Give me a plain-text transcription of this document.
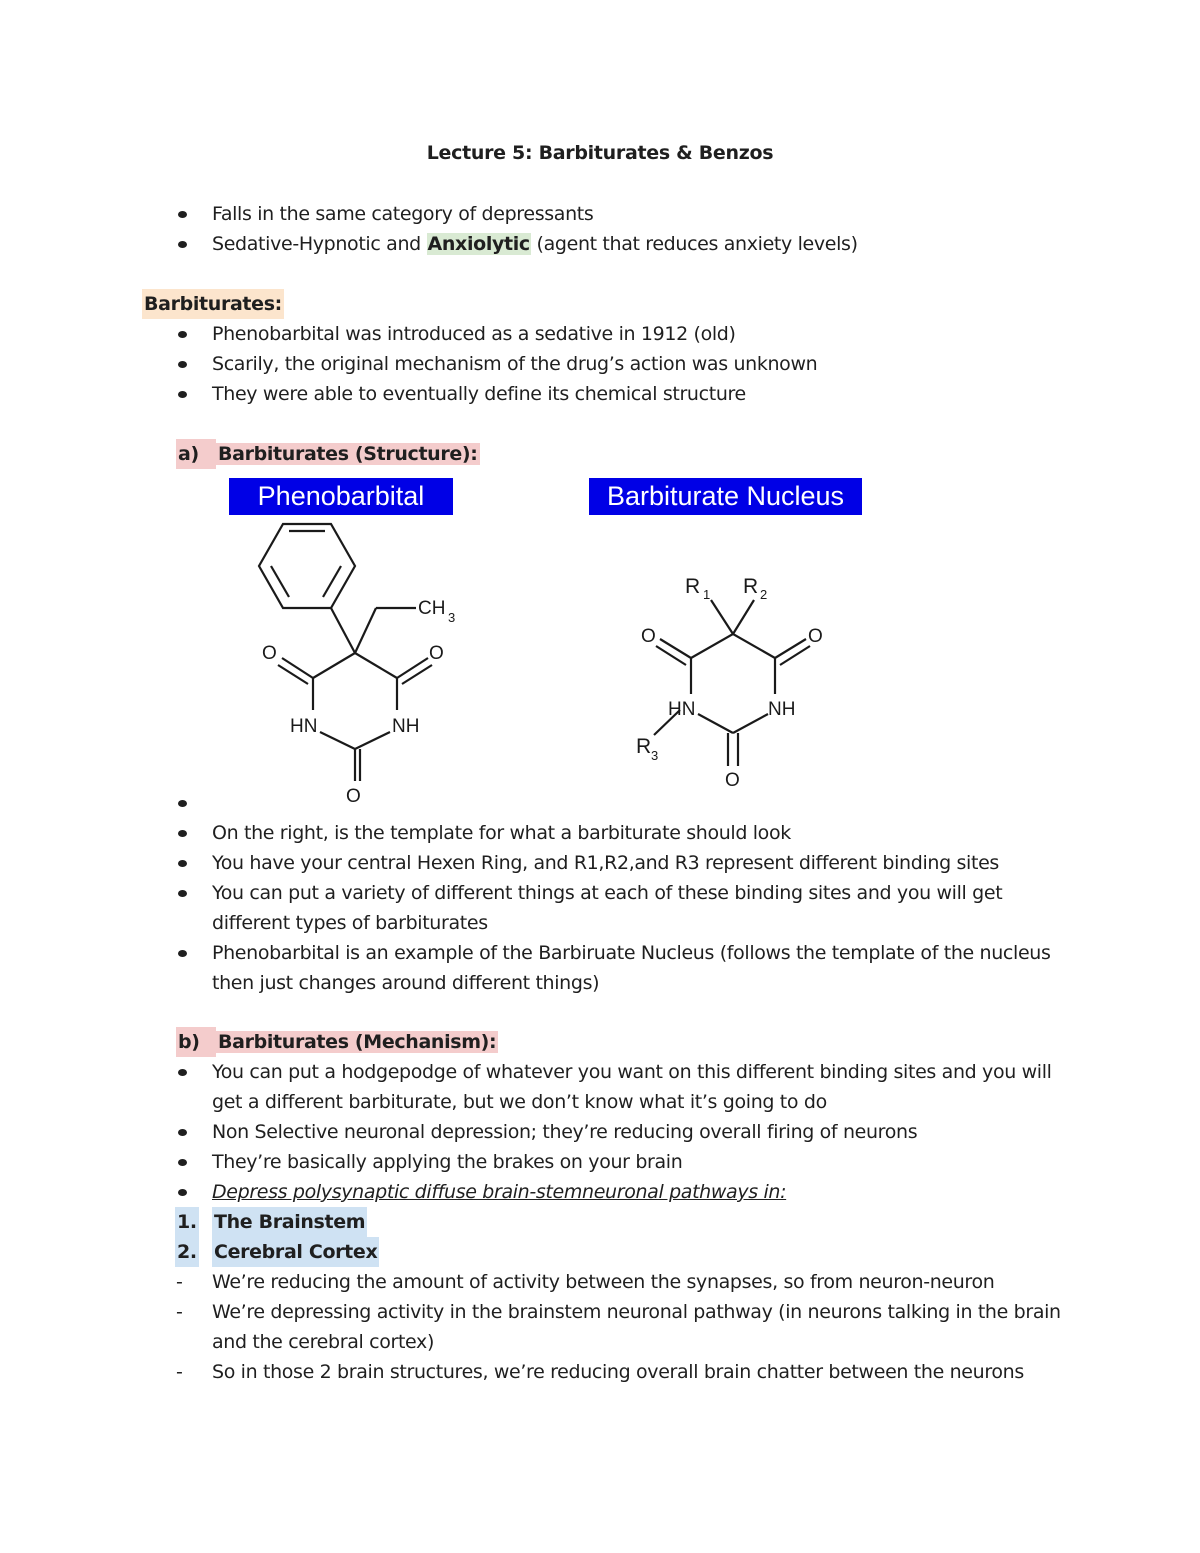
Lecture 5: Barbiturates & Benzos
Falls in the same category of depressants
Sedative-Hypnotic and Anxiolytic (agent that reduces anxiety levels)
Barbiturates:
Phenobarbital was introduced as a sedative in 1912 (old)
Scarily, the original mechanism of the drug’s action was unknown
They were able to eventually define its chemical structure
a) Barbiturates (Structure):
Phenobarbital	Barbiturate Nucleus
CH 3
O	O
O
HN	NH
R 1 R 2
R 3
O	O
O
HN	NH
On the right, is the template for what a barbiturate should look
You have your central Hexen Ring, and R1,R2,and R3 represent different binding sites
You can put a variety of different things at each of these binding sites and you will get
different types of barbiturates
Phenobarbital is an example of the Barbiruate Nucleus (follows the template of the nucleus
then just changes around different things)
b) Barbiturates (Mechanism):
You can put a hodgepodge of whatever you want on this different binding sites and you will
get a different barbiturate, but we don’t know what it’s going to do
Non Selective neuronal depression; they’re reducing overall firing of neurons
They’re basically applying the brakes on your brain
Depress polysynaptic diffuse brain-stemneuronal pathways in:
1. The Brainstem
2. Cerebral Cortex
- We’re reducing the amount of activity between the synapses, so from neuron-neuron
- We’re depressing activity in the brainstem neuronal pathway (in neurons talking in the brain
and the cerebral cortex)
- So in those 2 brain structures, we’re reducing overall brain chatter between the neurons
